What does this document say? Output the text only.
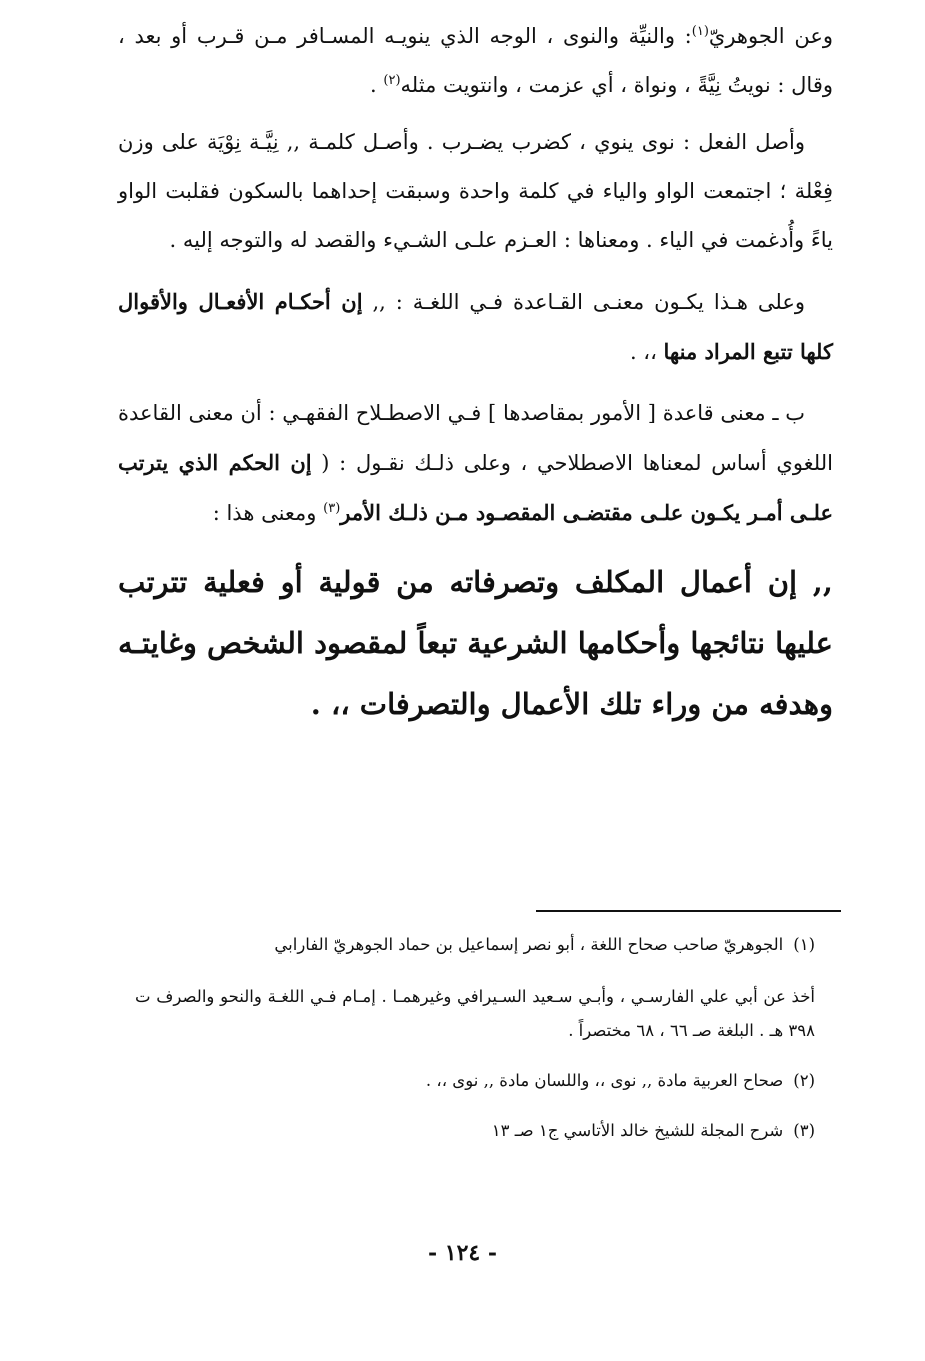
وعن الجوهريّ$^{(١)}$: والنيِّة والنوى ، الوجه الذي ينويـه المسـافر مـن قـرب أو بعد ، وقال : نويتُ نِيَّةً ، ونواة ، أي عزمت ، وانتويت مثله$^{(٢)}$ .

وأصل الفعل : نوى ينوي ، كضرب يضـرب . وأصـل كلمـة ,, نِيَّـة نِوْيَة على وزن فِعْلة ؛ اجتمعت الواو والياء في كلمة واحدة وسبقت إحداهما بالسكون فقلبت الواو ياءً وأُدغمت في الياء . ومعناها : العـزم علـى الشـيء والقصد له والتوجه إليه .

وعلى هـذا يكـون معنـى القـاعدة فـي اللغـة : ,, إن أحكـام الأفعـال والأقوال كلها تتبع المراد منها ،، .

ب ـ معنى قاعدة [ الأمور بمقاصدها ] فـي الاصطـلاح الفقهـي : أن معنى القاعدة اللغوي أساس لمعناها الاصطلاحي ، وعلى ذلـك نقـول : ( إن الحكم الذي يترتب علـى أمـر يكـون علـى مقتضـى المقصـود مـن ذلـك الأمر$^{(٣)}$ ومعنى هذا :

,, إن أعمال المكلف وتصرفاته من قولية أو فعلية تترتب عليها نتائجها وأحكامها الشرعية تبعاً لمقصود الشخص وغايتـه وهدفه من وراء تلك الأعمال والتصرفات ،، .

(١)الجوهريّ صاحب صحاح اللغة ، أبو نصر إسماعيل بن حماد الجوهريّ الفارابي
أخذ عن أبي علي الفارسـي ، وأبـي سـعيد السـيرافي وغيرهمـا . إمـام فـي اللغـة والنحو والصرف ت ٣٩٨ هـ . البلغة صـ ٦٦ ، ٦٨ مختصراً .

(٢)صحاح العربية مادة ,, نوى ،، واللسان مادة ,, نوى ،، .

(٣)شرح المجلة للشيخ خالد الأتاسي ج١ صـ ١٣

- ١٢٤ -
